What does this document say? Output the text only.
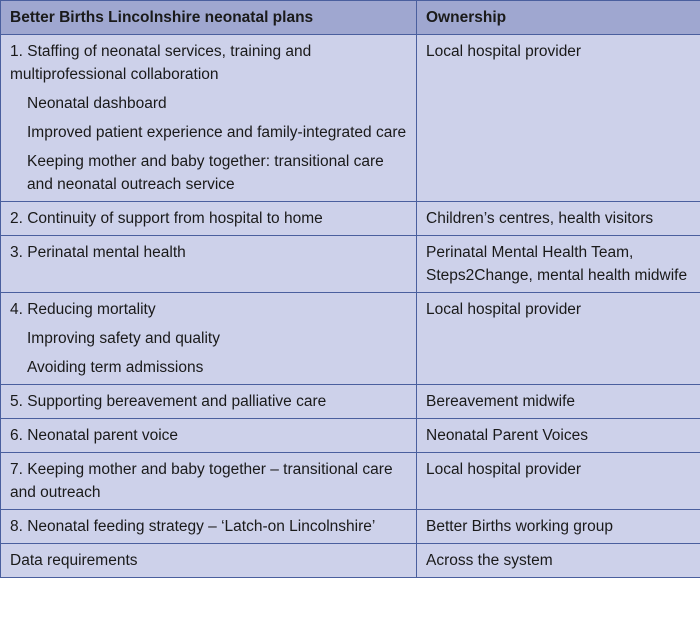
Better Births Lincolnshire neonatal plans	Ownership

1. Staffing of neonatal services, training and multiprofessional collaboration
Neonatal dashboard
Improved patient experience and family-integrated care
Keeping mother and baby together: transitional care and neonatal outreach service	Local hospital provider

2. Continuity of support from hospital to home	Children’s centres, health visitors

3. Perinatal mental health	Perinatal Mental Health Team, Steps2Change, mental health midwife

4. Reducing mortality
Improving safety and quality
Avoiding term admissions	Local hospital provider

5. Supporting bereavement and palliative care	Bereavement midwife

6. Neonatal parent voice	Neonatal Parent Voices

7. Keeping mother and baby together – transitional care and outreach	Local hospital provider

8. Neonatal feeding strategy – ‘Latch-on Lincolnshire’	Better Births working group

Data requirements	Across the system
